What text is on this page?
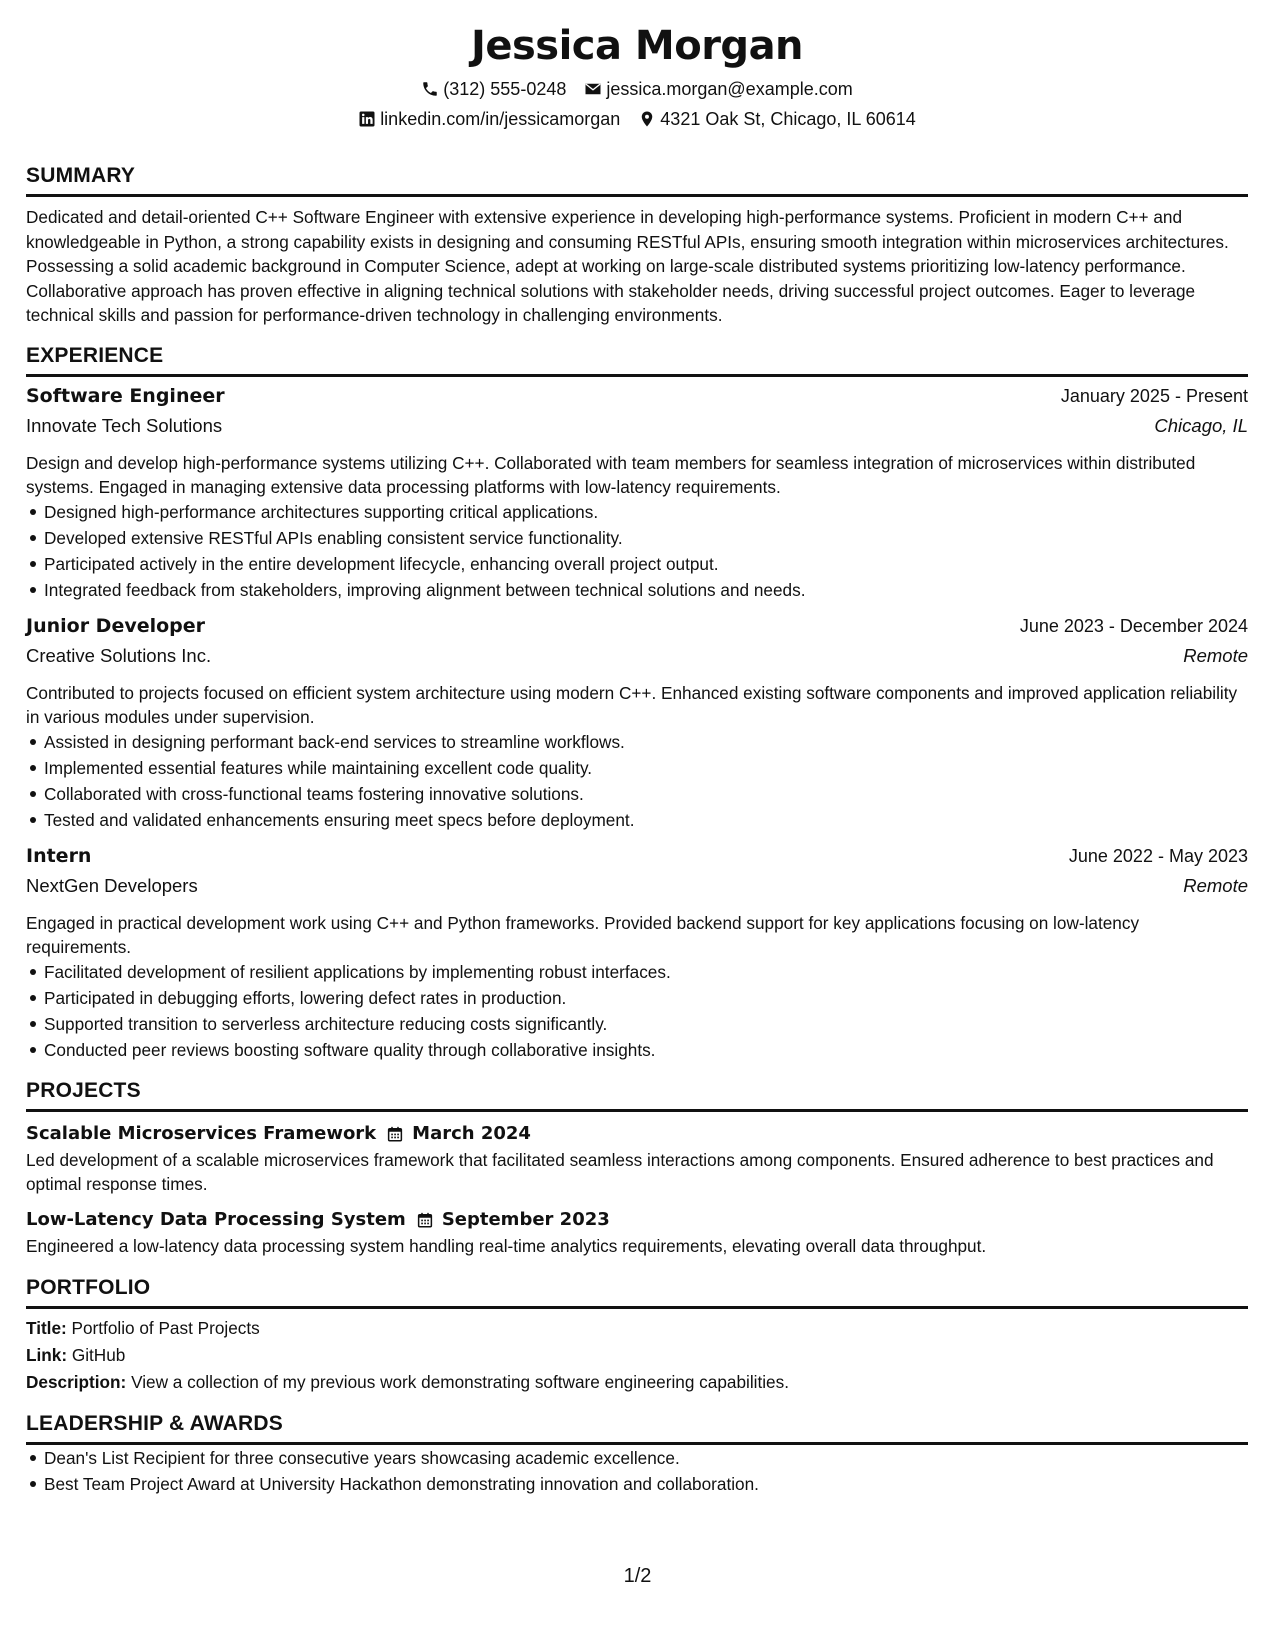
Jessica Morgan
(312) 555-0248 jessica.morgan@example.com
linkedin.com/in/jessicamorgan 4321 Oak St, Chicago, IL 60614
SUMMARY
Dedicated and detail-oriented C++ Software Engineer with extensive experience in developing high-performance systems. Proficient in modern C++ and knowledgeable in Python, a strong capability exists in designing and consuming RESTful APIs, ensuring smooth integration within microservices architectures. Possessing a solid academic background in Computer Science, adept at working on large-scale distributed systems prioritizing low-latency performance. Collaborative approach has proven effective in aligning technical solutions with stakeholder needs, driving successful project outcomes. Eager to leverage technical skills and passion for performance-driven technology in challenging environments.
EXPERIENCE
Software Engineer	January 2025 - Present
Innovate Tech Solutions	Chicago, IL
Design and develop high-performance systems utilizing C++. Collaborated with team members for seamless integration of microservices within distributed systems. Engaged in managing extensive data processing platforms with low-latency requirements.
Designed high-performance architectures supporting critical applications.
Developed extensive RESTful APIs enabling consistent service functionality.
Participated actively in the entire development lifecycle, enhancing overall project output.
Integrated feedback from stakeholders, improving alignment between technical solutions and needs.
Junior Developer	June 2023 - December 2024
Creative Solutions Inc.	Remote
Contributed to projects focused on efficient system architecture using modern C++. Enhanced existing software components and improved application reliability in various modules under supervision.
Assisted in designing performant back-end services to streamline workflows.
Implemented essential features while maintaining excellent code quality.
Collaborated with cross-functional teams fostering innovative solutions.
Tested and validated enhancements ensuring meet specs before deployment.
Intern	June 2022 - May 2023
NextGen Developers	Remote
Engaged in practical development work using C++ and Python frameworks. Provided backend support for key applications focusing on low-latency requirements.
Facilitated development of resilient applications by implementing robust interfaces.
Participated in debugging efforts, lowering defect rates in production.
Supported transition to serverless architecture reducing costs significantly.
Conducted peer reviews boosting software quality through collaborative insights.
PROJECTS
Scalable Microservices Framework March 2024
Led development of a scalable microservices framework that facilitated seamless interactions among components. Ensured adherence to best practices and optimal response times.
Low-Latency Data Processing System September 2023
Engineered a low-latency data processing system handling real-time analytics requirements, elevating overall data throughput.
PORTFOLIO
Title: Portfolio of Past Projects
Link: GitHub
Description: View a collection of my previous work demonstrating software engineering capabilities.
LEADERSHIP & AWARDS
Dean's List Recipient for three consecutive years showcasing academic excellence.
Best Team Project Award at University Hackathon demonstrating innovation and collaboration.
1/2
